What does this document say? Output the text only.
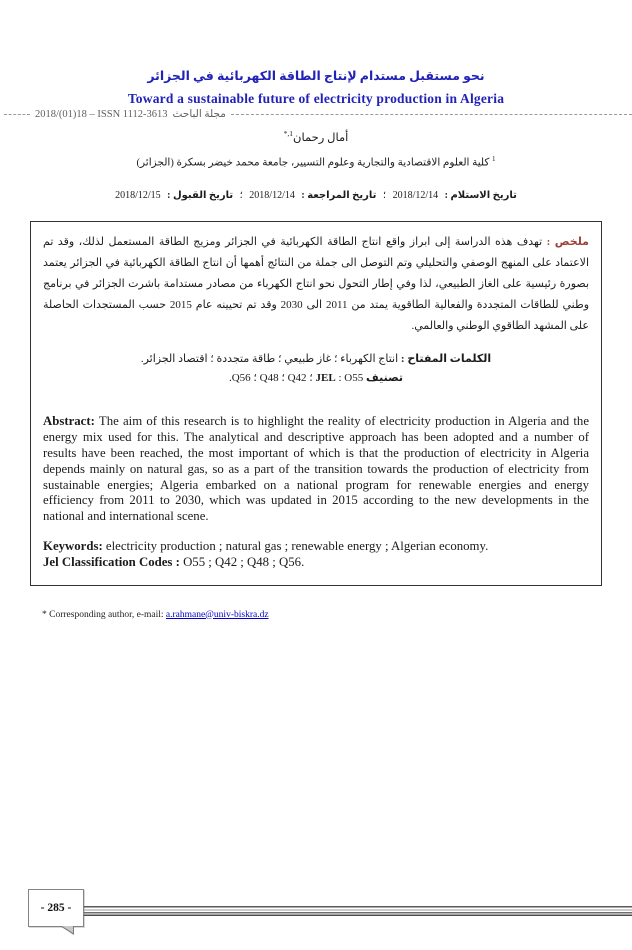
2018/(01)18 – ISSN 1112-3613 مجلة الباحث
نحو مستقبل مستدام لإنتاج الطاقة الكهربائية في الجزائر
Toward a sustainable future of electricity production in Algeria
أمال رحمان$^{1,*}$
$^1$ كلية العلوم الاقتصادية والتجارية وعلوم التسيير، جامعة محمد خيضر بسكرة (الجزائر)
تاريخ الاستلام : 2018/12/14 ؛ تاريخ المراجعة : 2018/12/14 ؛ تاريخ القبول : 2018/12/15

ملخص : تهدف هذه الدراسة إلى ابراز واقع انتاج الطاقة الكهربائية في الجزائر ومزيج الطاقة المستعمل لذلك، وقد تم الاعتماد على المنهج الوصفي والتحليلي وتم التوصل الى جملة من النتائج أهمها أن انتاج الطاقة الكهربائية في الجزائر يعتمد بصورة رئيسية على الغاز الطبيعي، لذا وفي إطار التحول نحو انتاج الكهرباء من مصادر مستدامة باشرت الجزائر في برنامج وطني للطاقات المتجددة والفعالية الطاقوية يمتد من 2011 الى 2030 وقد تم تحيينه عام 2015 حسب المستجدات الحاصلة على المشهد الطاقوي الوطني والعالمي.

الكلمات المفتاح : انتاج الكهرباء ؛ غاز طبيعي ؛ طاقة متجددة ؛ اقتصاد الجزائر.
تصنيف JEL : O55 ؛ Q42 ؛ Q48 ؛ Q56.

Abstract: The aim of this research is to highlight the reality of electricity production in Algeria and the energy mix used for this. The analytical and descriptive approach has been adopted and a number of results have been reached, the most important of which is that the production of electricity in Algeria depends mainly on natural gas, so as a part of the transition towards the production of electricity from sustainable energies; Algeria embarked on a national program for renewable energies and energy efficiency from 2011 to 2030, which was updated in 2015 according to the new developments in the national and international scene.

Keywords: electricity production ; natural gas ; renewable energy ; Algerian economy.
Jel Classification Codes : O55 ; Q42 ; Q48 ; Q56.
* Corresponding author, e-mail: a.rahmane@univ-biskra.dz
- 285 -
